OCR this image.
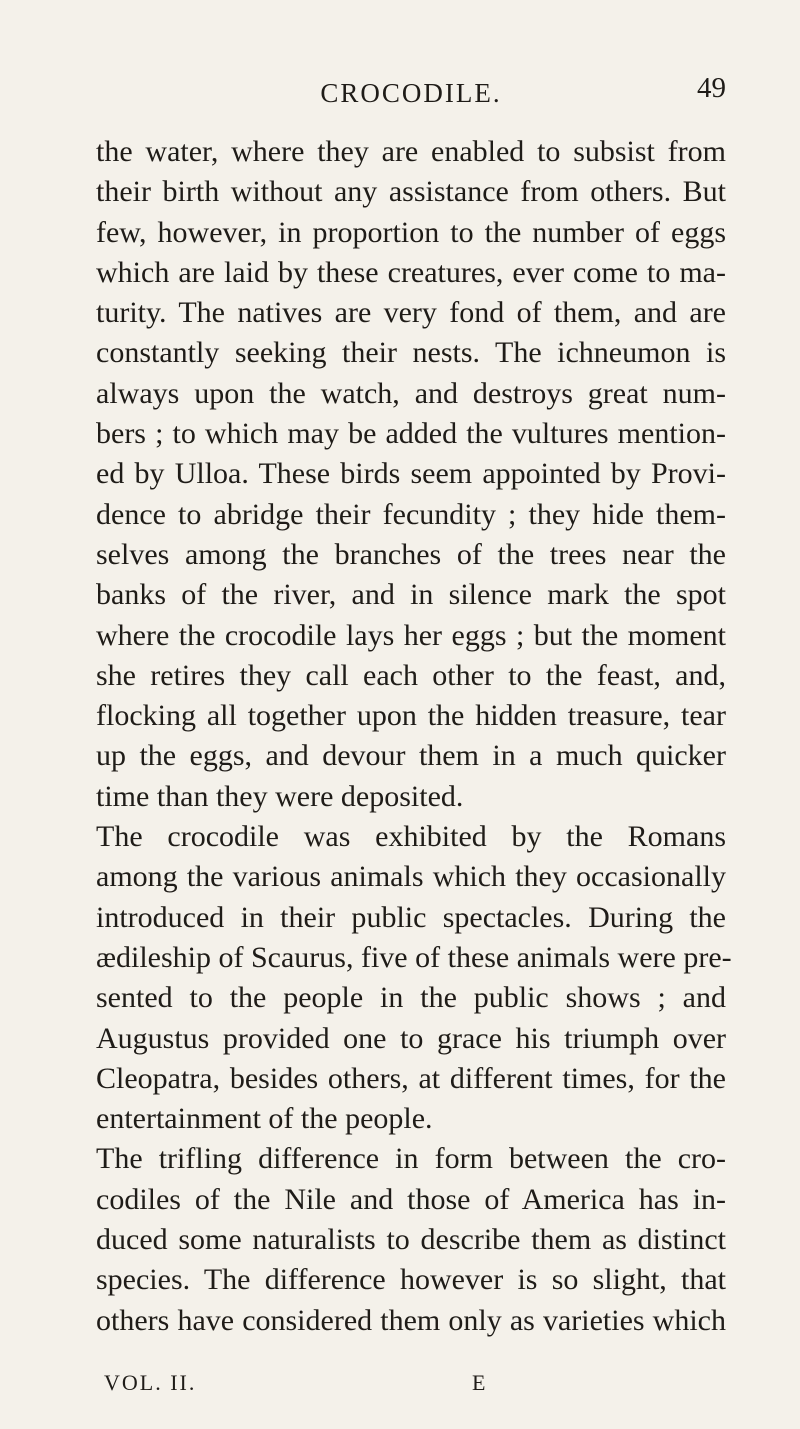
CROCODILE.	49
the water, where they are enabled to subsist from
their birth without any assistance from others. But
few, however, in proportion to the number of eggs
which are laid by these creatures, ever come to ma-
turity. The natives are very fond of them, and are
constantly seeking their nests. The ichneumon is
always upon the watch, and destroys great num-
bers ; to which may be added the vultures mention-
ed by Ulloa. These birds seem appointed by Provi-
dence to abridge their fecundity ; they hide them-
selves among the branches of the trees near the
banks of the river, and in silence mark the spot
where the crocodile lays her eggs ; but the moment
she retires they call each other to the feast, and,
flocking all together upon the hidden treasure, tear
up the eggs, and devour them in a much quicker
time than they were deposited.
The crocodile was exhibited by the Romans
among the various animals which they occasionally
introduced in their public spectacles. During the
ædileship of Scaurus, five of these animals were pre-
sented to the people in the public shows ; and
Augustus provided one to grace his triumph over
Cleopatra, besides others, at different times, for the
entertainment of the people.
The trifling difference in form between the cro-
codiles of the Nile and those of America has in-
duced some naturalists to describe them as distinct
species. The difference however is so slight, that
others have considered them only as varieties which
VOL. II.	E
